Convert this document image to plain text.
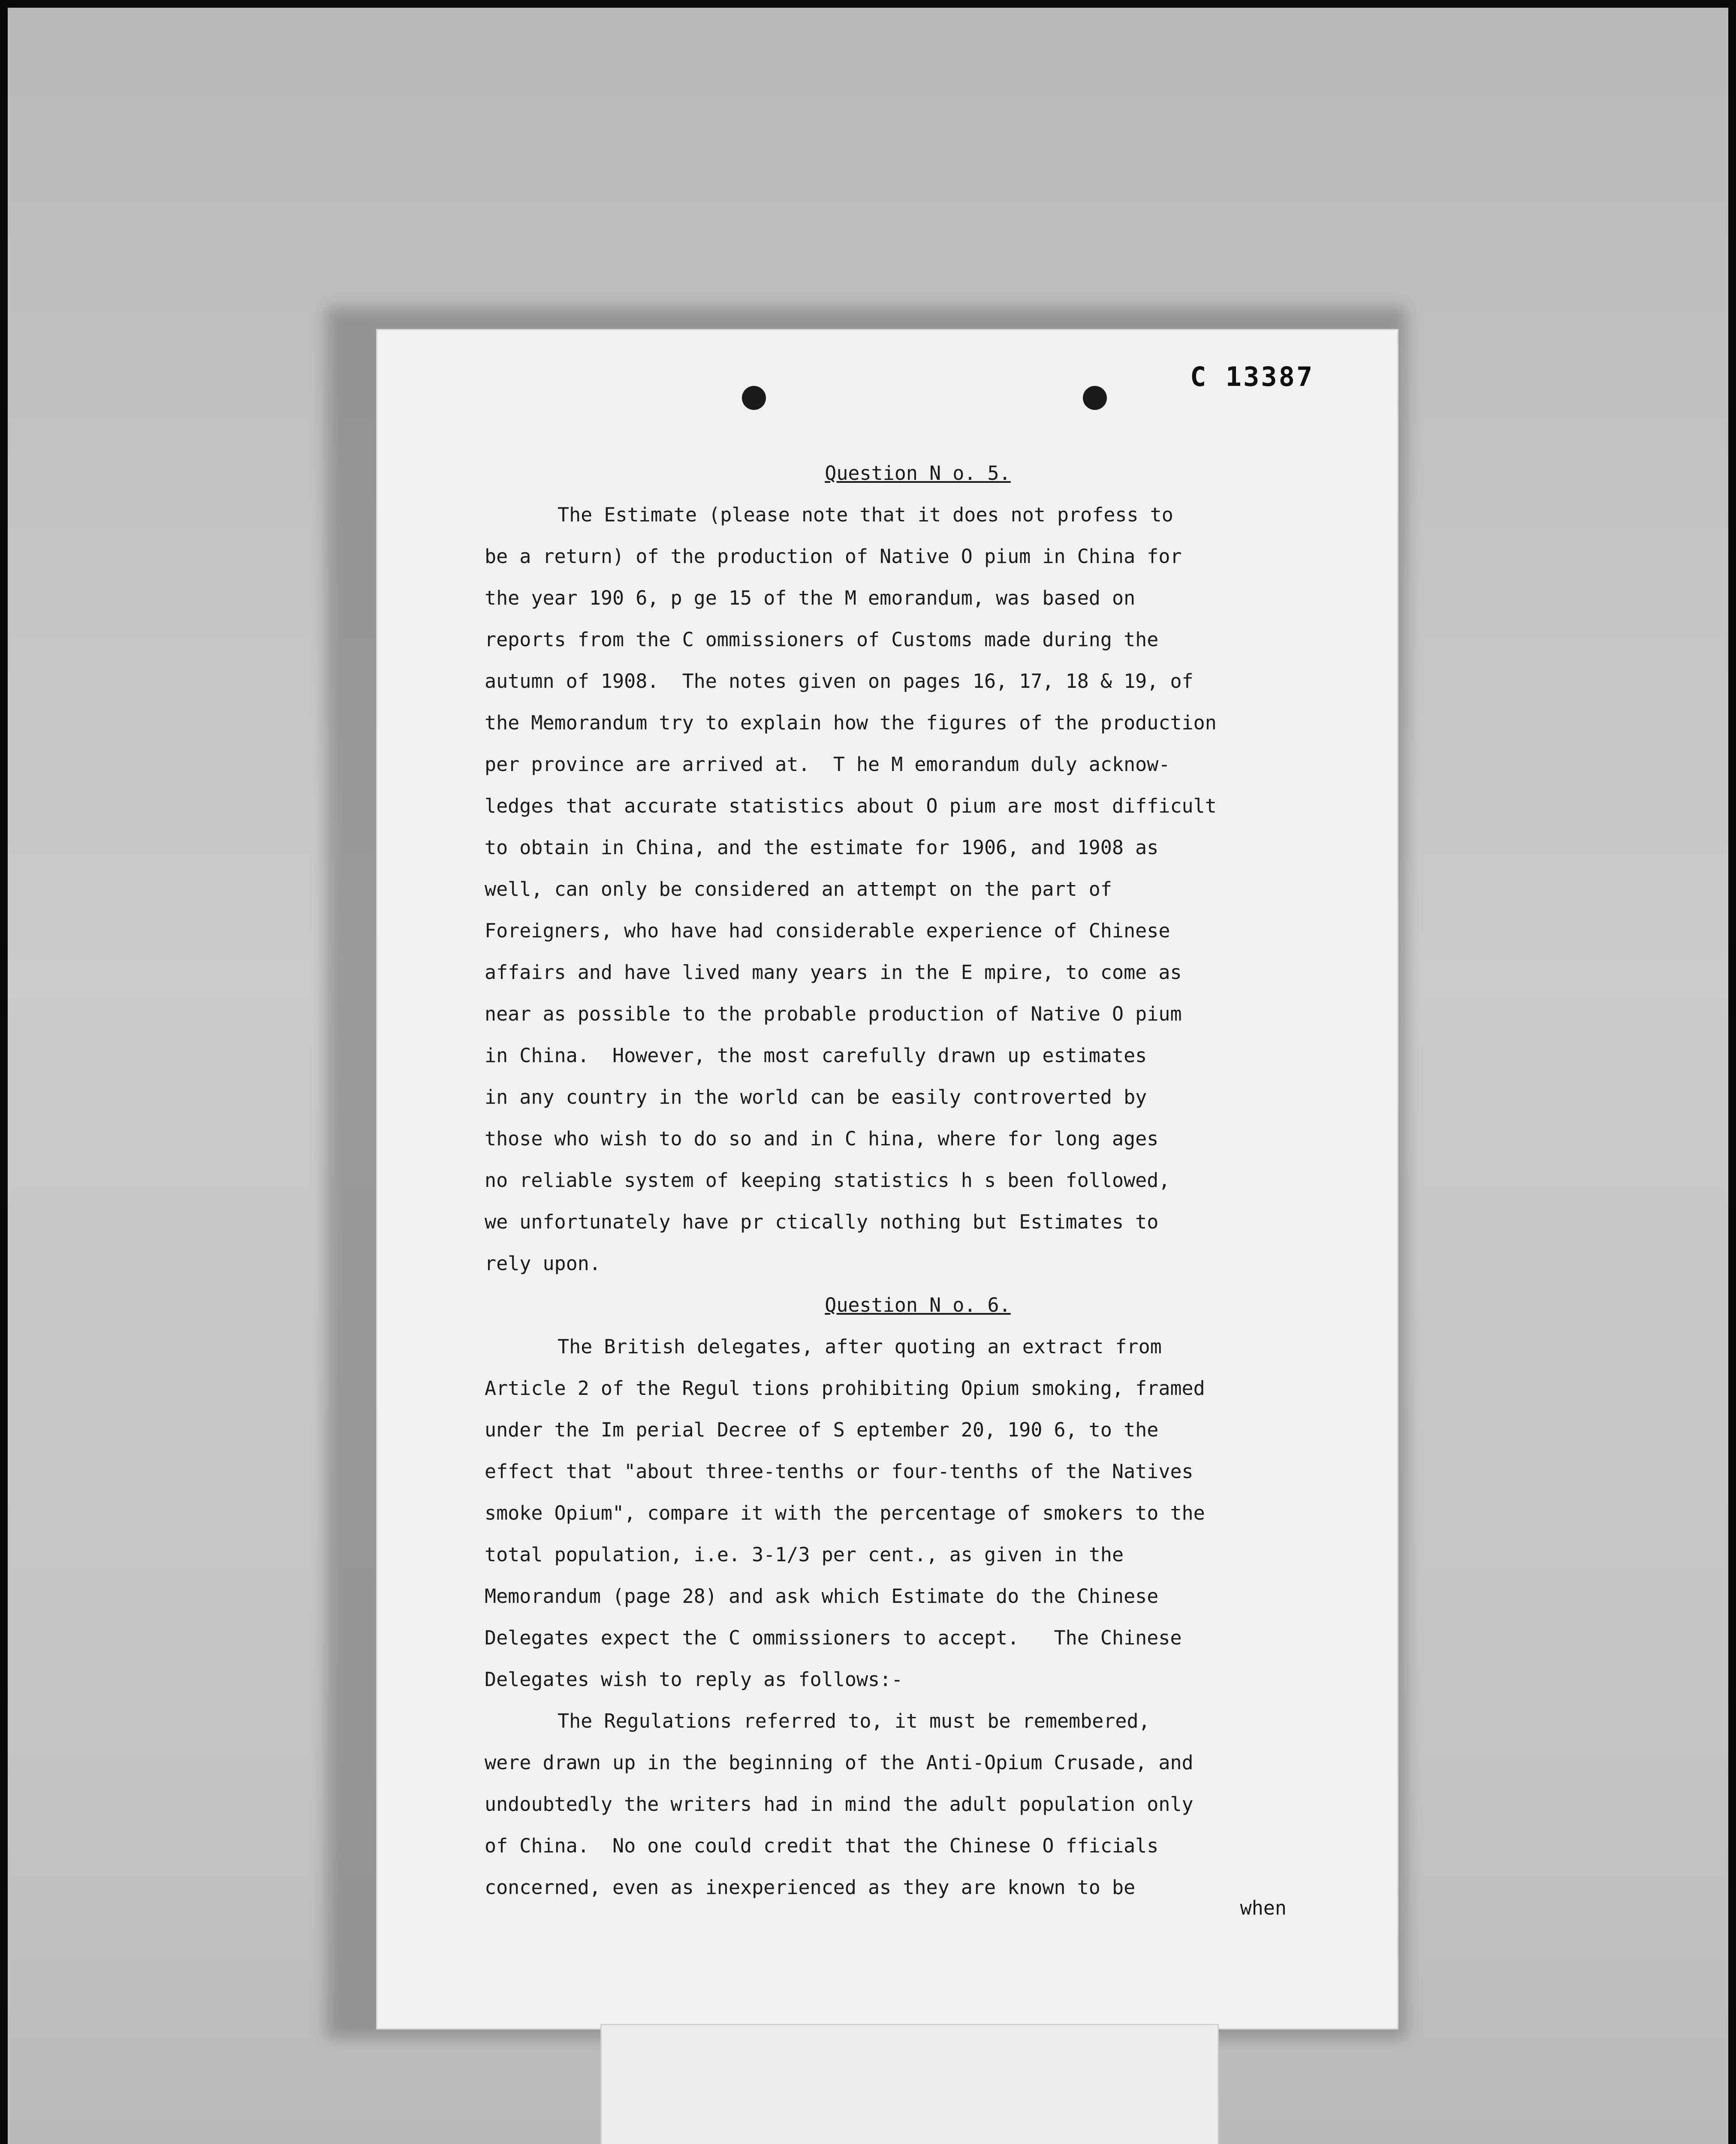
C 13387

Question N o. 5.

The Estimate (please note that it does not profess to

be a return) of the production of Native O pium in China for

the year 190 6, p ge 15 of the M emorandum, was based on

reports from the C ommissioners of Customs made during the

autumn of 1908.  The notes given on pages 16, 17, 18 & 19, of

the Memorandum try to explain how the figures of the production

per province are arrived at.  T he M emorandum duly acknow-

ledges that accurate statistics about O pium are most difficult

to obtain in China, and the estimate for 1906, and 1908 as

well, can only be considered an attempt on the part of

Foreigners, who have had considerable experience of Chinese

affairs and have lived many years in the E mpire, to come as

near as possible to the probable production of Native O pium

in China.  However, the most carefully drawn up estimates

in any country in the world can be easily controverted by

those who wish to do so and in C hina, where for long ages

no reliable system of keeping statistics h s been followed,

we unfortunately have pr ctically nothing but Estimates to

rely upon.

Question N o. 6.

The British delegates, after quoting an extract from

Article 2 of the Regul tions prohibiting Opium smoking, framed

under the Im perial Decree of S eptember 20, 190 6, to the

effect that "about three-tenths or four-tenths of the Natives

smoke Opium", compare it with the percentage of smokers to the

total population, i.e. 3-1/3 per cent., as given in the

Memorandum (page 28) and ask which Estimate do the Chinese

Delegates expect the C ommissioners to accept.   The Chinese

Delegates wish to reply as follows:-

The Regulations referred to, it must be remembered,

were drawn up in the beginning of the Anti-Opium Crusade, and

undoubtedly the writers had in mind the adult population only

of China.  No one could credit that the Chinese O fficials

concerned, even as inexperienced as they are known to be

when
